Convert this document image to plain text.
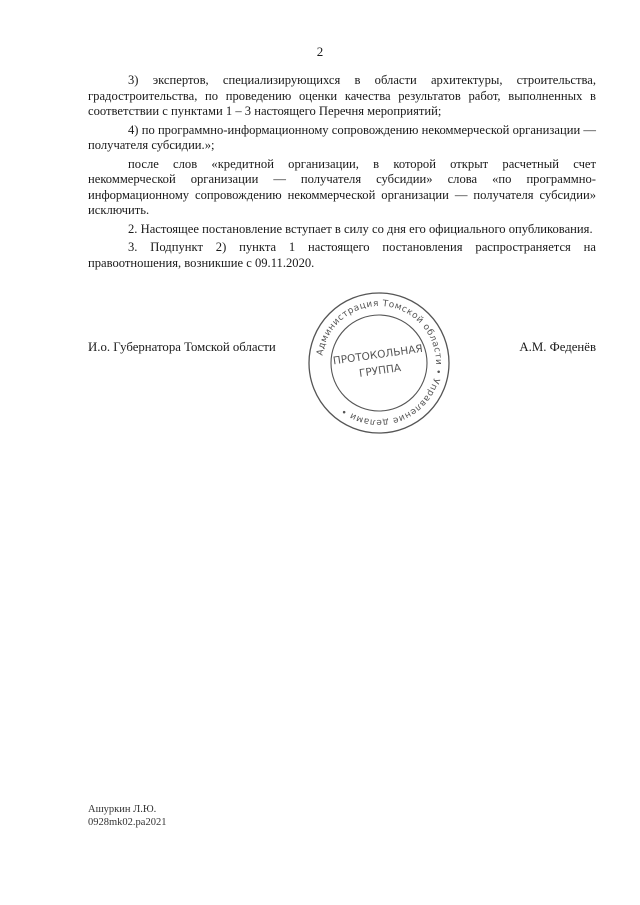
2

3) экспертов, специализирующихся в области архитектуры, строительства, градостроительства, по проведению оценки качества результатов работ, выполненных в соответствии с пунктами 1 – 3 настоящего Перечня мероприятий;

4) по программно-информационному сопровождению некоммерческой организации — получателя субсидии.»;

после слов «кредитной организации, в которой открыт расчетный счет некоммерческой организации — получателя субсидии» слова «по программно-информационному сопровождению некоммерческой организации — получателя субсидии» исключить.

2. Настоящее постановление вступает в силу со дня его официального опубликования.

3. Подпункт 2) пункта 1 настоящего постановления распространяется на правоотношения, возникшие с 09.11.2020.

И.о. Губернатора Томской области	А.М. Феденёв
Администрация Томской области • Управление делами •
ПРОТОКОЛЬНАЯ
ГРУППА
Ашуркин Л.Ю.
0928mk02.ра2021
